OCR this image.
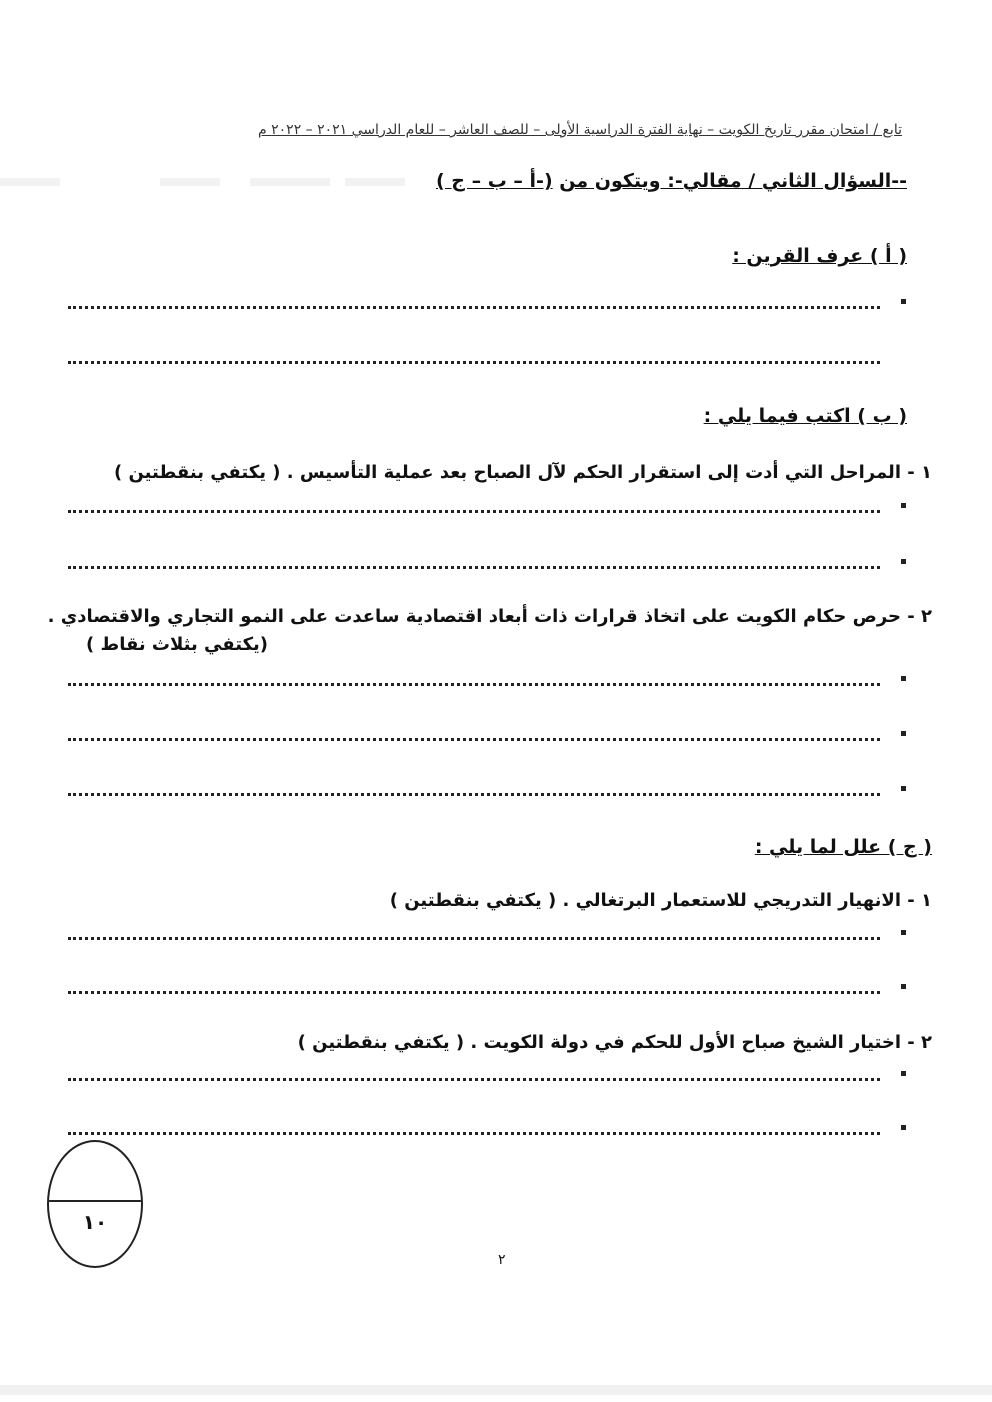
تابع / امتحان مقرر تاريخ الكويت – نهاية الفترة الدراسية الأولى – للصف العاشر – للعام الدراسي ٢٠٢١ – ٢٠٢٢ م
--السؤال الثاني / مقالي-: ويتكون من (-أ – ب – ج )
( أ ) عرف القرين :
( ب ) اكتب فيما يلي :
١ - المراحل التي أدت إلى استقرار الحكم لآل الصباح بعد عملية التأسيس . ( يكتفي بنقطتين )
٢ - حرص حكام الكويت على اتخاذ قرارات ذات أبعاد اقتصادية ساعدت على النمو التجاري والاقتصادي .
(يكتفي بثلاث نقاط )
( ج ) علل لما يلي :
١ - الانهيار التدريجي للاستعمار البرتغالي . ( يكتفي بنقطتين )
٢ - اختيار الشيخ صباح الأول للحكم في دولة الكويت . ( يكتفي بنقطتين )
١٠
٢
